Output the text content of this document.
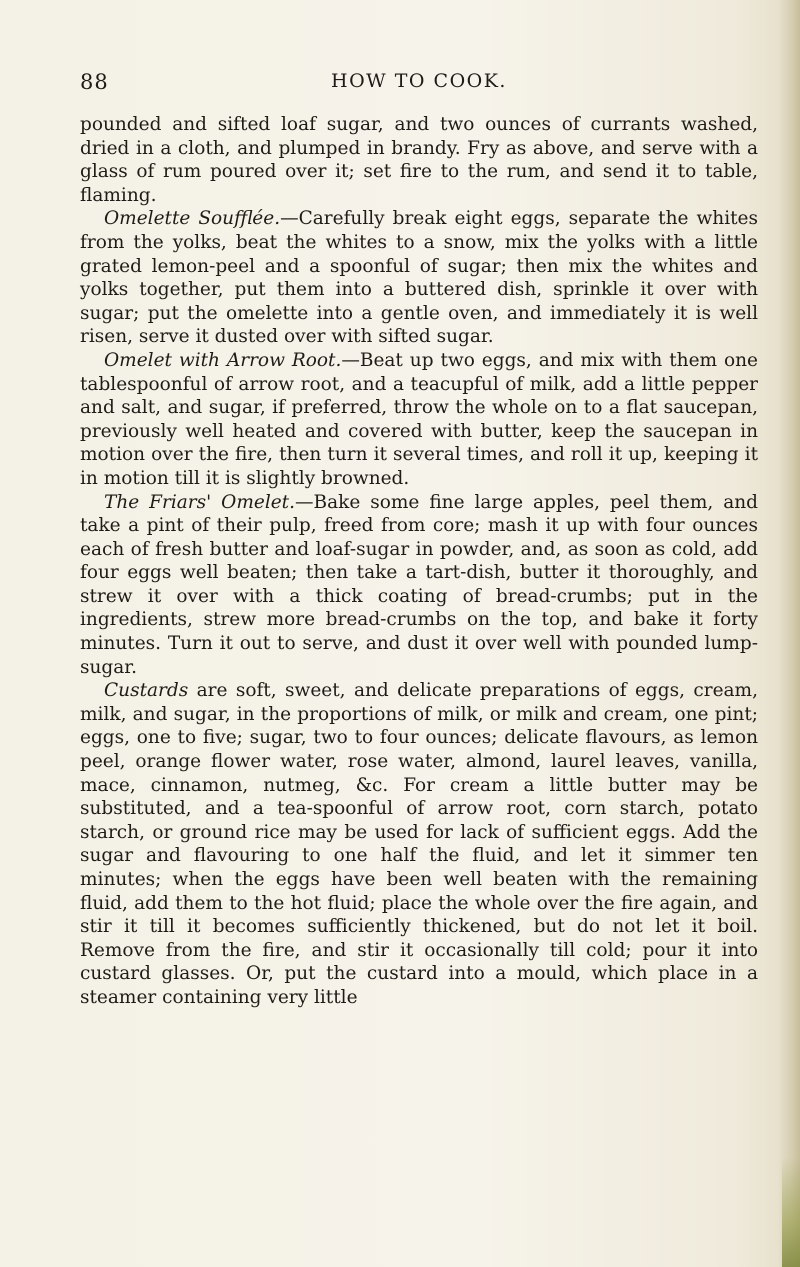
88	HOW TO COOK.

pounded and sifted loaf sugar, and two ounces of currants washed, dried in a cloth, and plumped in brandy. Fry as above, and serve with a glass of rum poured over it; set fire to the rum, and send it to table, flaming.

Omelette Soufflée.—Carefully break eight eggs, separate the whites from the yolks, beat the whites to a snow, mix the yolks with a little grated lemon-peel and a spoonful of sugar; then mix the whites and yolks together, put them into a buttered dish, sprinkle it over with sugar; put the omelette into a gentle oven, and immediately it is well risen, serve it dusted over with sifted sugar.

Omelet with Arrow Root.—Beat up two eggs, and mix with them one tablespoonful of arrow root, and a teacupful of milk, add a little pepper and salt, and sugar, if preferred, throw the whole on to a flat saucepan, previously well heated and covered with butter, keep the saucepan in motion over the fire, then turn it several times, and roll it up, keeping it in motion till it is slightly browned.

The Friars' Omelet.—Bake some fine large apples, peel them, and take a pint of their pulp, freed from core; mash it up with four ounces each of fresh butter and loaf-sugar in powder, and, as soon as cold, add four eggs well beaten; then take a tart-dish, butter it thoroughly, and strew it over with a thick coating of bread-crumbs; put in the ingredients, strew more bread-crumbs on the top, and bake it forty minutes. Turn it out to serve, and dust it over well with pounded lump-sugar.

Custards are soft, sweet, and delicate preparations of eggs, cream, milk, and sugar, in the proportions of milk, or milk and cream, one pint; eggs, one to five; sugar, two to four ounces; delicate flavours, as lemon peel, orange flower water, rose water, almond, laurel leaves, vanilla, mace, cinnamon, nutmeg, &c. For cream a little butter may be substituted, and a tea-spoonful of arrow root, corn starch, potato starch, or ground rice may be used for lack of sufficient eggs. Add the sugar and flavouring to one half the fluid, and let it simmer ten minutes; when the eggs have been well beaten with the remaining fluid, add them to the hot fluid; place the whole over the fire again, and stir it till it becomes sufficiently thickened, but do not let it boil. Remove from the fire, and stir it occasionally till cold; pour it into custard glasses. Or, put the custard into a mould, which place in a steamer containing very little
